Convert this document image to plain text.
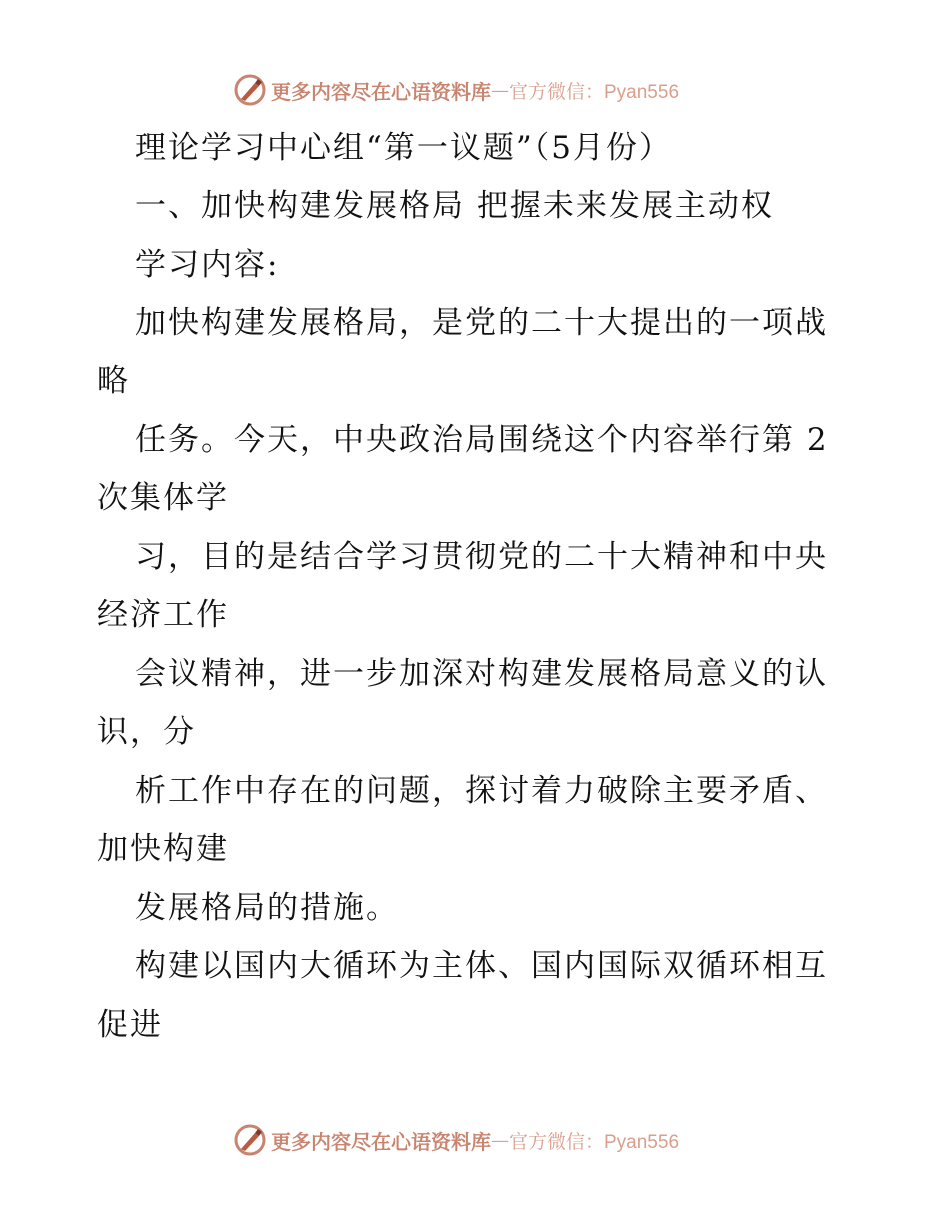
更多内容尽在心语资料库 — 官方微信：Pyan556
理论学习中心组“第一议题”（5月份）
一、加快构建发展格局 把握未来发展主动权
学习内容:
加快构建发展格局，是党的二十大提出的一项战
略
任务。今天，中央政治局围绕这个内容举行第 2
次集体学
习，目的是结合学习贯彻党的二十大精神和中央
经济工作
会议精神，进一步加深对构建发展格局意义的认
识，分
析工作中存在的问题，探讨着力破除主要矛盾、
加快构建
发展格局的措施。
构建以国内大循环为主体、国内国际双循环相互
促进
更多内容尽在心语资料库 — 官方微信：Pyan556
